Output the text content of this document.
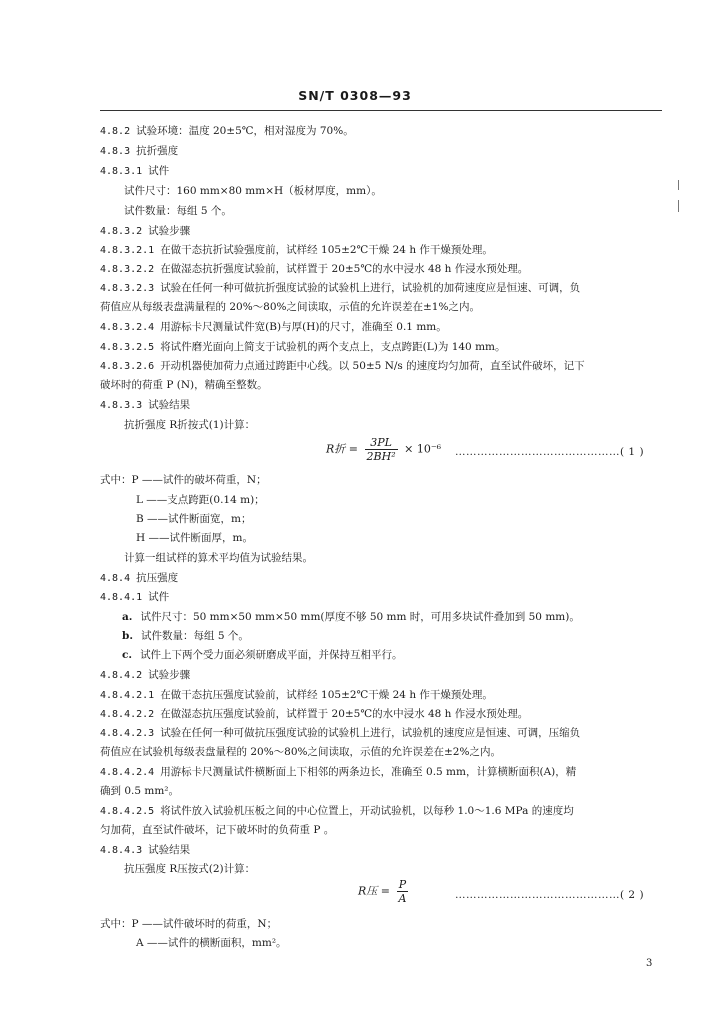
SN/T 0308—93
4.8.2 试验环境：温度 20±5℃，相对湿度为 70%。
4.8.3 抗折强度
4.8.3.1 试件
试件尺寸：160 mm×80 mm×H（板材厚度，mm）。
试件数量：每组 5 个。
4.8.3.2 试验步骤
4.8.3.2.1 在做干态抗折试验强度前，试样经 105±2℃干燥 24 h 作干燥预处理。
4.8.3.2.2 在做湿态抗折强度试验前，试样置于 20±5℃的水中浸水 48 h 作浸水预处理。
4.8.3.2.3 试验在任何一种可做抗折强度试验的试验机上进行，试验机的加荷速度应是恒速、可调，负
荷值应从每级表盘满量程的 20%～80%之间读取，示值的允许误差在±1%之内。
4.8.3.2.4 用游标卡尺测量试件宽(B)与厚(H)的尺寸，准确至 0.1 mm。
4.8.3.2.5 将试件磨光面向上简支于试验机的两个支点上，支点跨距(L)为 140 mm。
4.8.3.2.6 开动机器使加荷力点通过跨距中心线。以 50±5 N/s 的速度均匀加荷，直至试件破坏，记下
破坏时的荷重 P (N)，精确至整数。
4.8.3.3 试验结果
抗折强度 R折按式(1)计算：
R折 = $\frac{3PL}{\text{2BH²}} \times 10^{-6}$ ………………………………………( 1 )
式中：P ——试件的破坏荷重，N；
L ——支点跨距(0.14 m)；
B ——试件断面宽，m；
H ——试件断面厚，m。
计算一组试样的算术平均值为试验结果。
4.8.4 抗压强度
4.8.4.1 试件
a. 试件尺寸：50 mm×50 mm×50 mm(厚度不够 50 mm 时，可用多块试件叠加到 50 mm)。
b. 试件数量：每组 5 个。
c. 试件上下两个受力面必须研磨成平面，并保持互相平行。
4.8.4.2 试验步骤
4.8.4.2.1 在做干态抗压强度试验前，试样经 105±2℃干燥 24 h 作干燥预处理。
4.8.4.2.2 在做湿态抗压强度试验前，试样置于 20±5℃的水中浸水 48 h 作浸水预处理。
4.8.4.2.3 试验在任何一种可做抗压强度试验的试验机上进行，试验机的速度应是恒速、可调，压缩负
荷值应在试验机每级表盘量程的 20%～80%之间读取，示值的允许误差在±2%之内。
4.8.4.2.4 用游标卡尺测量试件横断面上下相邻的两条边长，准确至 0.5 mm，计算横断面积(A)，精
确到 0.5 mm²。
4.8.4.2.5 将试件放入试验机压板之间的中心位置上，开动试验机，以每秒 1.0～1.6 MPa 的速度均
匀加荷，直至试件破坏，记下破坏时的负荷重 P 。
4.8.4.3 试验结果
抗压强度 R压按式(2)计算：
R压 = $\frac{P}{A}$	………………………………………( 2 )
式中：P ——试件破坏时的荷重，N；
A ——试件的横断面积，mm²。
3
